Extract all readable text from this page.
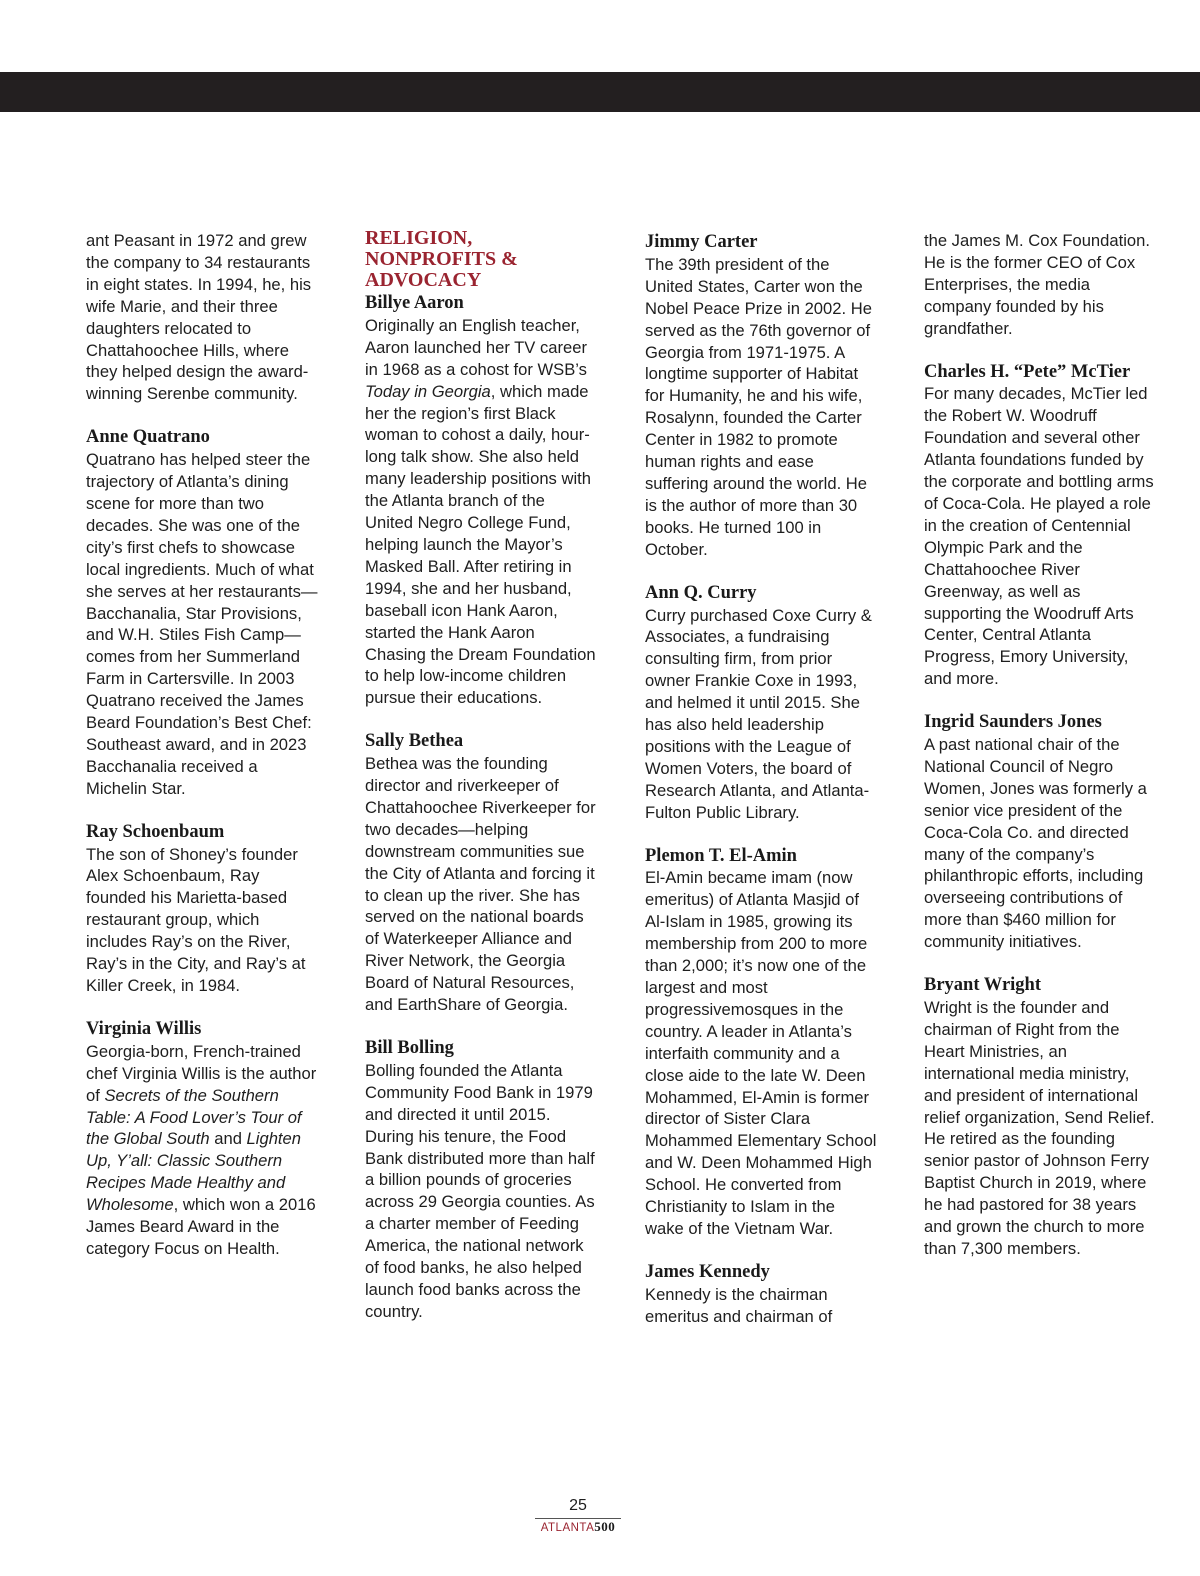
ant Peasant in 1972 and grew the company to 34 restaurants in eight states. In 1994, he, his wife Marie, and their three daughters relocated to Chattahoochee Hills, where they helped design the award-winning Serenbe community.

Anne Quatrano

Quatrano has helped steer the trajectory of Atlanta’s dining scene for more than two decades. She was one of the city’s first chefs to showcase local ingredients. Much of what she serves at her restaurants—Bacchanalia, Star Provisions, and W.H. Stiles Fish Camp—comes from her Summerland Farm in Cartersville. In 2003 Quatrano received the James Beard Foundation’s Best Chef: Southeast award, and in 2023 Bacchanalia received a Michelin Star.

Ray Schoenbaum

The son of Shoney’s founder Alex Schoenbaum, Ray founded his Marietta-based restaurant group, which includes Ray’s on the River, Ray’s in the City, and Ray’s at Killer Creek, in 1984.

Virginia Willis

Georgia-born, French-trained chef Virginia Willis is the author of Secrets of the Southern Table: A Food Lover’s Tour of the Global South and Lighten Up, Y’all: Classic Southern Recipes Made Healthy and Wholesome, which won a 2016 James Beard Award in the category Focus on Health.

RELIGION, NONPROFITS & ADVOCACY
Billye Aaron

Originally an English teacher, Aaron launched her TV career in 1968 as a cohost for WSB’s Today in Georgia, which made her the region’s first Black woman to cohost a daily, hour-long talk show. She also held many leadership positions with the Atlanta branch of the United Negro College Fund, helping launch the Mayor’s Masked Ball. After retiring in 1994, she and her husband, baseball icon Hank Aaron, started the Hank Aaron Chasing the Dream Foundation to help low-income children pursue their educations.

Sally Bethea

Bethea was the founding director and riverkeeper of Chattahoochee Riverkeeper for two decades—helping downstream communities sue the City of Atlanta and forcing it to clean up the river. She has served on the national boards of Waterkeeper Alliance and River Network, the Georgia Board of Natural Resources, and EarthShare of Georgia.

Bill Bolling

Bolling founded the Atlanta Community Food Bank in 1979 and directed it until 2015. During his tenure, the Food Bank distributed more than half a billion pounds of groceries across 29 Georgia counties. As a charter member of Feeding America, the national network of food banks, he also helped launch food banks across the country.

Jimmy Carter

The 39th president of the United States, Carter won the Nobel Peace Prize in 2002. He served as the 76th governor of Georgia from 1971-1975. A longtime supporter of Habitat for Humanity, he and his wife, Rosalynn, founded the Carter Center in 1982 to promote human rights and ease suffering around the world. He is the author of more than 30 books. He turned 100 in October.

Ann Q. Curry

Curry purchased Coxe Curry & Associates, a fundraising consulting firm, from prior owner Frankie Coxe in 1993, and helmed it until 2015. She has also held leadership positions with the League of Women Voters, the board of Research Atlanta, and Atlanta-Fulton Public Library.

Plemon T. El-Amin

El-Amin became imam (now emeritus) of Atlanta Masjid of Al-Islam in 1985, growing its membership from 200 to more than 2,000; it’s now one of the largest and most progressivemosques in the country. A leader in Atlanta’s interfaith community and a close aide to the late W. Deen Mohammed, El-Amin is former director of Sister Clara Mohammed Elementary School and W. Deen Mohammed High School. He converted from Christianity to Islam in the wake of the Vietnam War.

James Kennedy

Kennedy is the chairman emeritus and chairman of

the James M. Cox Foundation. He is the former CEO of Cox Enterprises, the media company founded by his grandfather.

Charles H. “Pete” McTier

For many decades, McTier led the Robert W. Woodruff Foundation and several other Atlanta foundations funded by the corporate and bottling arms of Coca-Cola. He played a role in the creation of Centennial Olympic Park and the Chattahoochee River Greenway, as well as supporting the Woodruff Arts Center, Central Atlanta Progress, Emory University, and more.

Ingrid Saunders Jones

A past national chair of the National Council of Negro Women, Jones was formerly a senior vice president of the Coca-Cola Co. and directed many of the company’s philanthropic efforts, including overseeing contributions of more than $460 million for community initiatives.

Bryant Wright

Wright is the founder and chairman of Right from the Heart Ministries, an international media ministry, and president of international relief organization, Send Relief. He retired as the founding senior pastor of Johnson Ferry Baptist Church in 2019, where he had pastored for 38 years and grown the church to more than 7,300 members.

25
ATLANTA500
